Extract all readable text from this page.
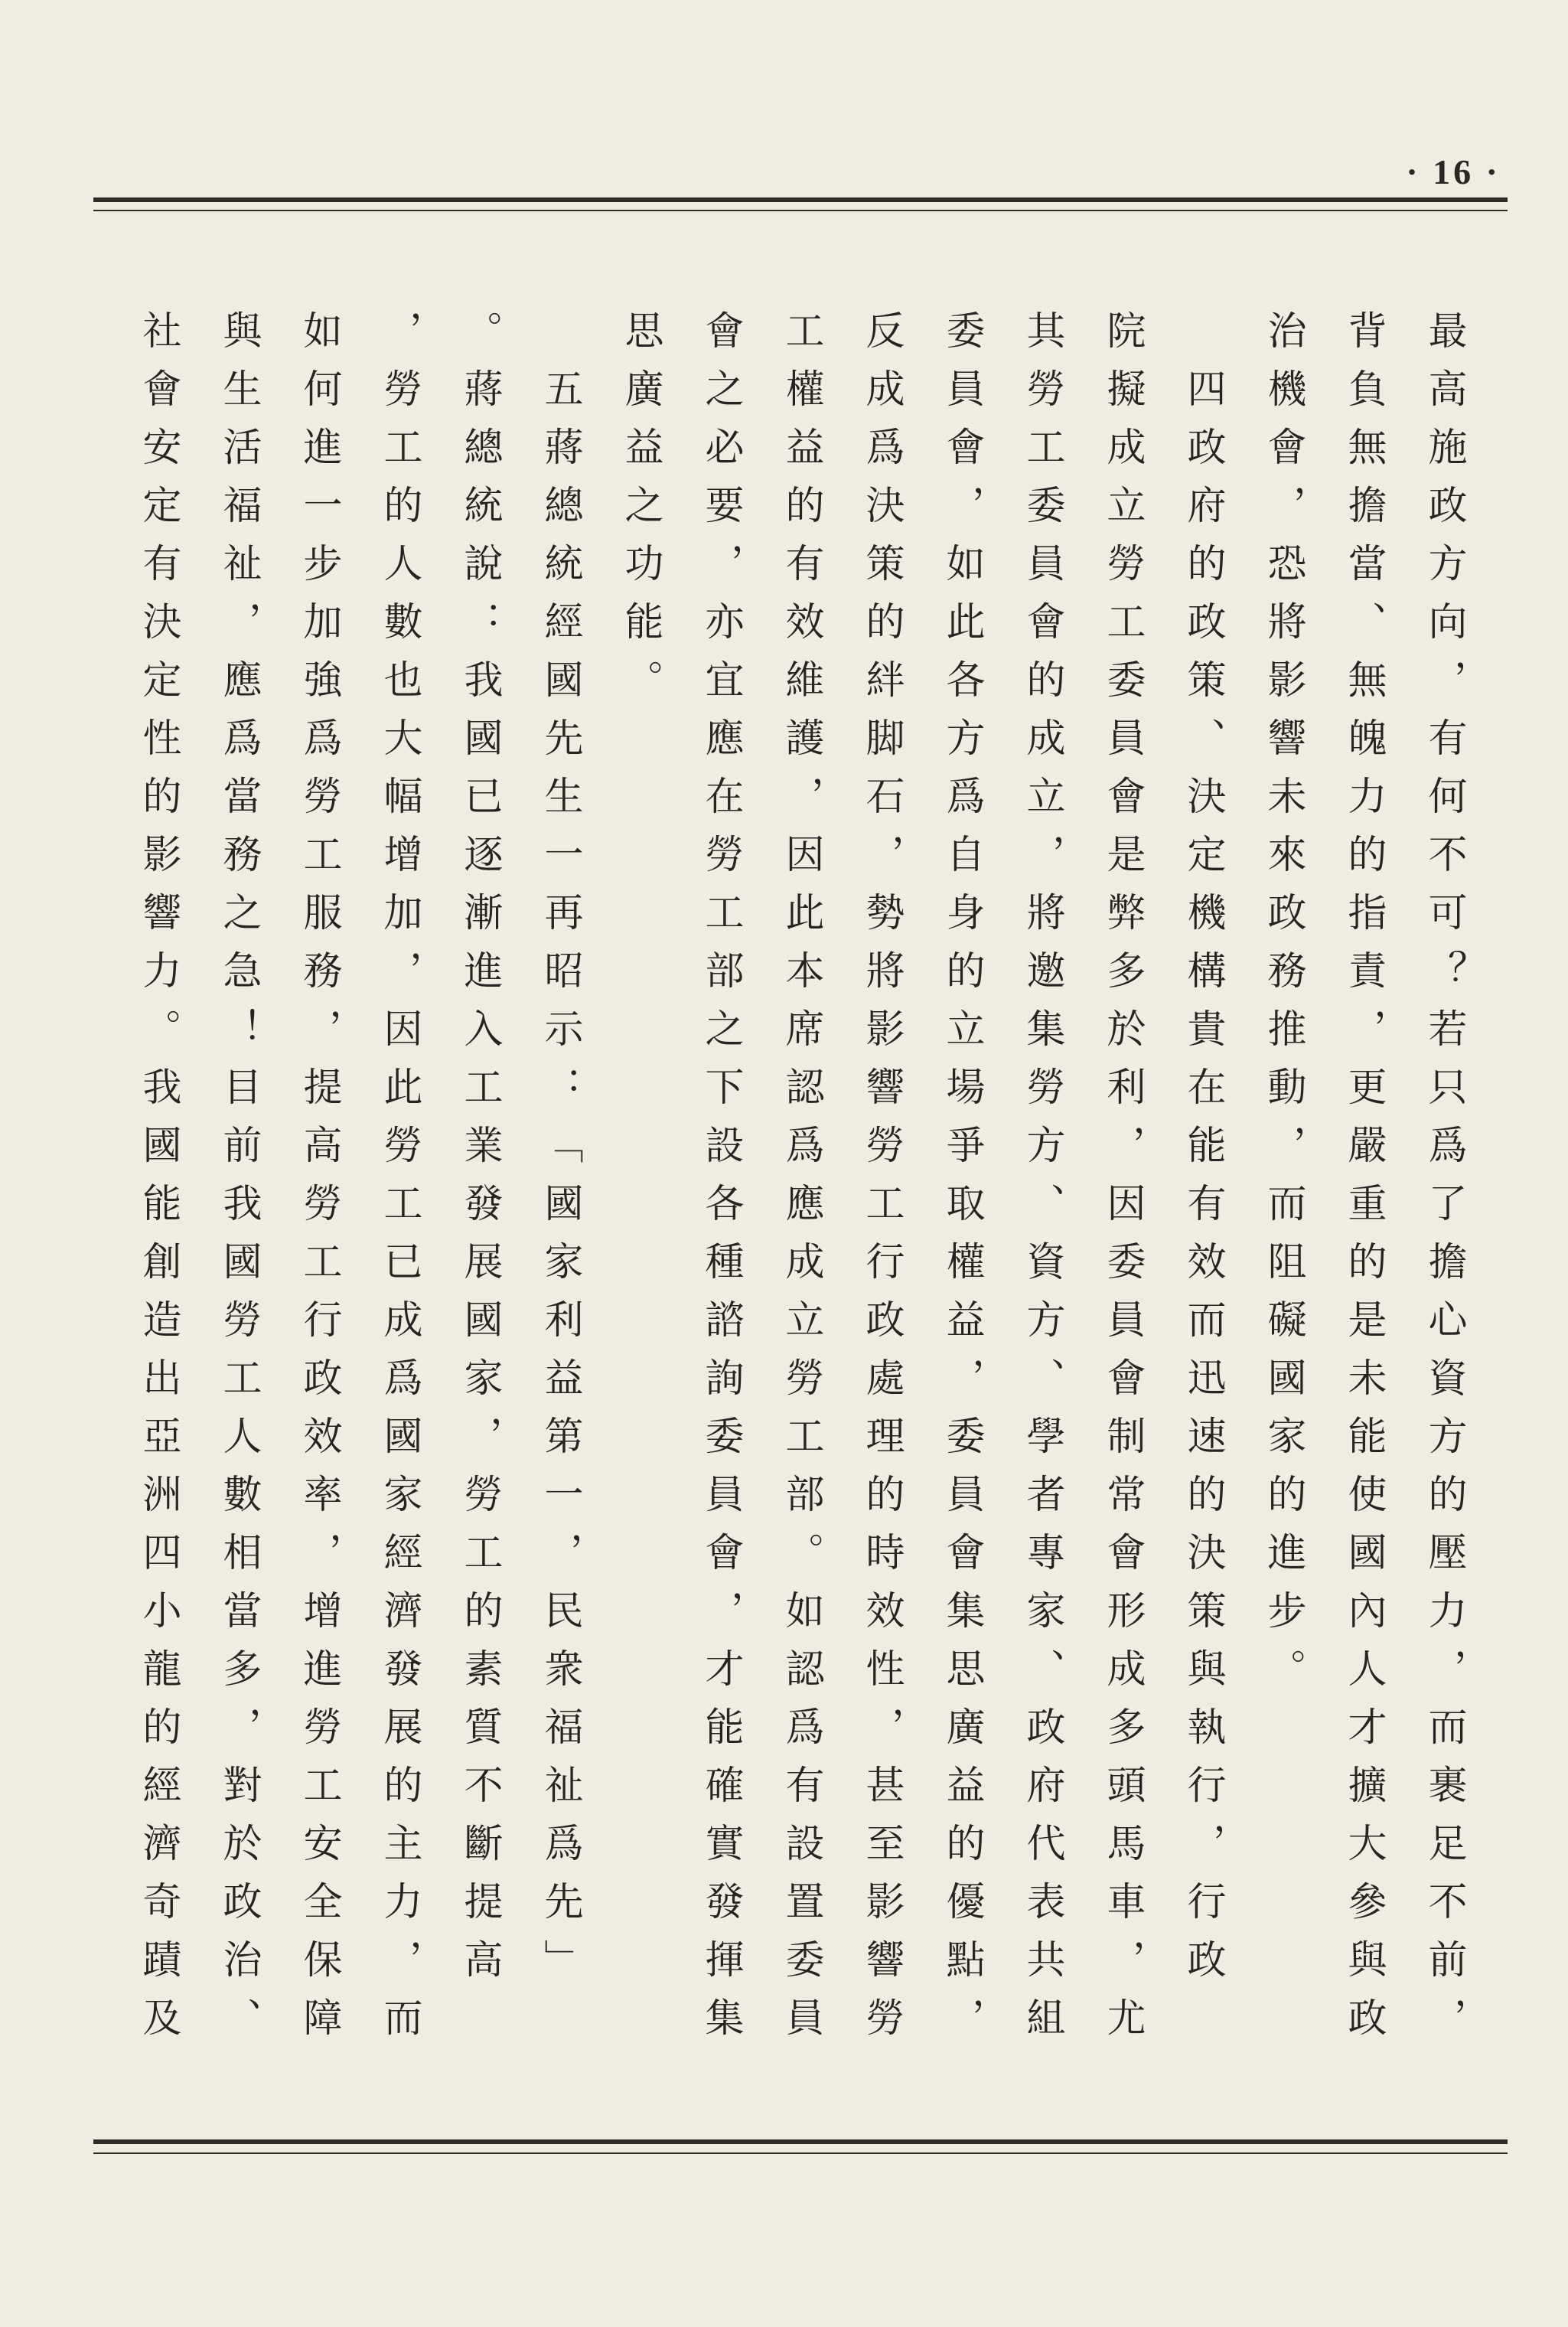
· 16 ·
最高施政方向，有何不可？若只爲了擔心資方的壓力，而裹足不前，
背負無擔當、無魄力的指責，更嚴重的是未能使國內人才擴大參與政
治機會，恐將影響未來政務推動，而阻礙國家的進步。
　四政府的政策、決定機構貴在能有效而迅速的決策與執行，行政
院擬成立勞工委員會是弊多於利，因委員會制常會形成多頭馬車，尤
其勞工委員會的成立，將邀集勞方、資方、學者專家、政府代表共組
委員會，如此各方爲自身的立場爭取權益，委員會集思廣益的優點，
反成爲決策的絆脚石，勢將影響勞工行政處理的時效性，甚至影響勞
工權益的有效維護，因此本席認爲應成立勞工部。如認爲有設置委員
會之必要，亦宜應在勞工部之下設各種諮詢委員會，才能確實發揮集
思廣益之功能。
　五蔣總統經國先生一再昭示：「國家利益第一，民衆福祉爲先」
。蔣總統說：我國已逐漸進入工業發展國家，勞工的素質不斷提高
，勞工的人數也大幅增加，因此勞工已成爲國家經濟發展的主力，而
如何進一步加強爲勞工服務，提高勞工行政效率，增進勞工安全保障
與生活福祉，應爲當務之急！目前我國勞工人數相當多，對於政治、
社會安定有決定性的影響力。我國能創造出亞洲四小龍的經濟奇蹟及
